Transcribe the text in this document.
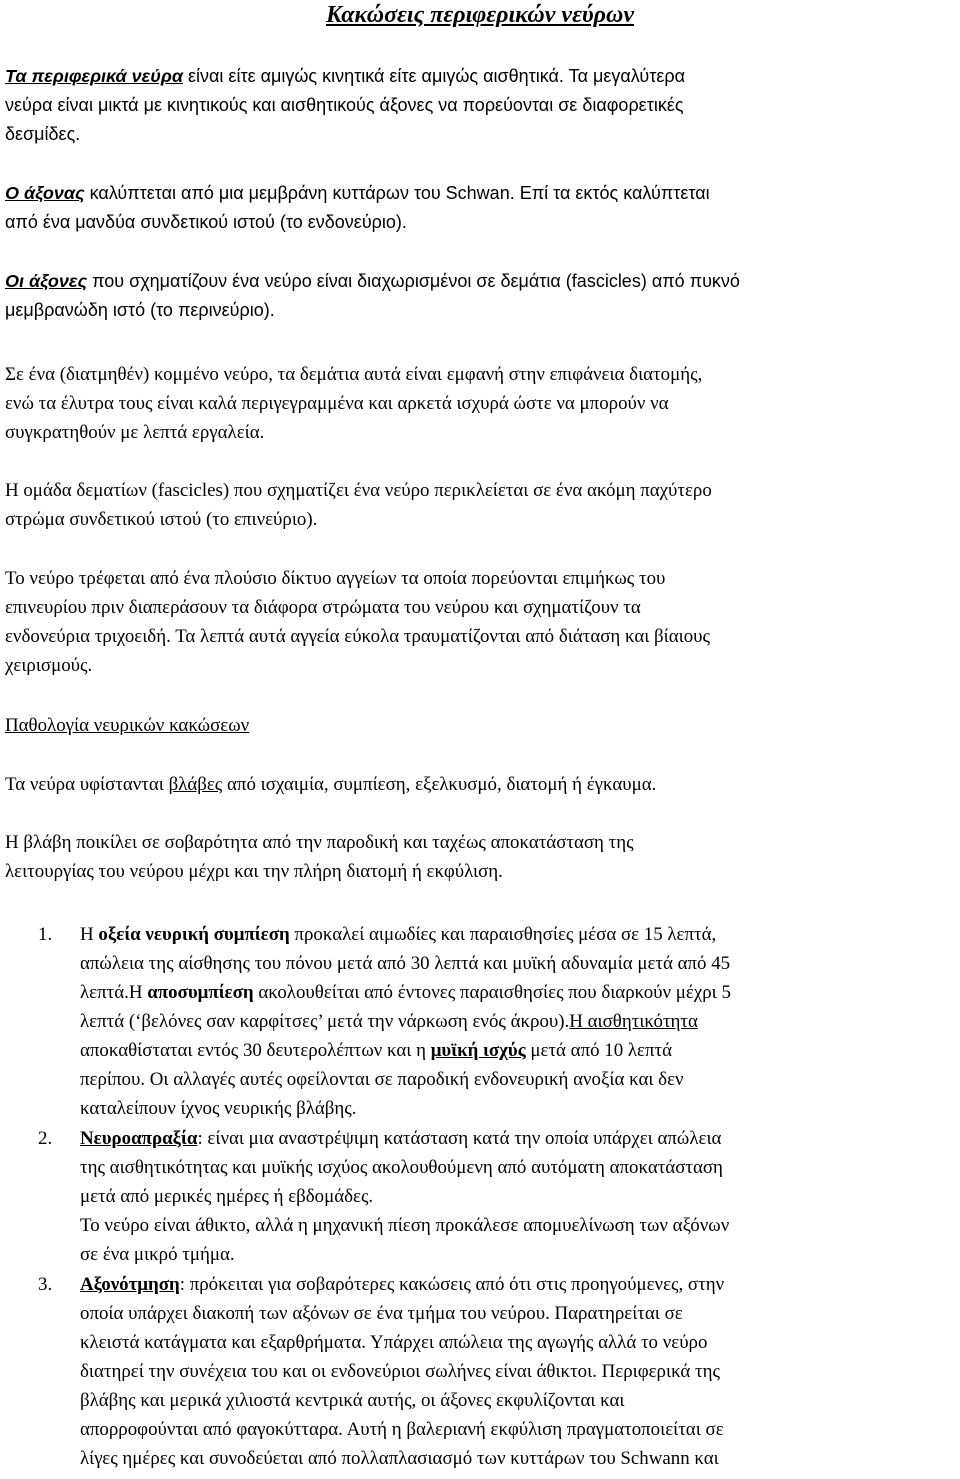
Κακώσεις περιφερικών νεύρων
Τα περιφερικά νεύρα είναι είτε αμιγώς κινητικά είτε αμιγώς αισθητικά. Τα μεγαλύτερα
νεύρα είναι μικτά με κινητικούς και αισθητικούς άξονες να πορεύονται σε διαφορετικές
δεσμίδες.
Ο άξονας καλύπτεται από μια μεμβράνη κυττάρων του Schwan. Επί τα εκτός καλύπτεται
από ένα μανδύα συνδετικού ιστού (το ενδονεύριο).
Οι άξονες που σχηματίζουν ένα νεύρο είναι διαχωρισμένοι σε δεμάτια (fascicles) από πυκνό
μεμβρανώδη ιστό (το περινεύριο).
Σε ένα (διατμηθέν) κομμένο νεύρο, τα δεμάτια αυτά είναι εμφανή στην επιφάνεια διατομής,
ενώ τα έλυτρα τους είναι καλά περιγεγραμμένα και αρκετά ισχυρά ώστε να μπορούν να
συγκρατηθούν με λεπτά εργαλεία.
Η ομάδα δεματίων (fascicles) που σχηματίζει ένα νεύρο περικλείεται σε ένα ακόμη παχύτερο
στρώμα συνδετικού ιστού (το επινεύριο).
Το νεύρο τρέφεται από ένα πλούσιο δίκτυο αγγείων τα οποία πορεύονται επιμήκως του
επινευρίου πριν διαπεράσουν τα διάφορα στρώματα του νεύρου και σχηματίζουν τα
ενδονεύρια τριχοειδή. Τα λεπτά αυτά αγγεία εύκολα τραυματίζονται από διάταση και βίαιους
χειρισμούς.
Παθολογία νευρικών κακώσεων
Τα νεύρα υφίστανται βλάβες από ισχαιμία, συμπίεση, εξελκυσμό, διατομή ή έγκαυμα.
Η βλάβη ποικίλει σε σοβαρότητα από την παροδική και ταχέως αποκατάσταση της
λειτουργίας του νεύρου μέχρι και την πλήρη διατομή ή εκφύλιση.
1. Η οξεία νευρική συμπίεση προκαλεί αιμωδίες και παραισθησίες μέσα σε 15 λεπτά,
απώλεια της αίσθησης του πόνου μετά από 30 λεπτά και μυϊκή αδυναμία μετά από 45
λεπτά.Η αποσυμπίεση ακολουθείται από έντονες παραισθησίες που διαρκούν μέχρι 5
λεπτά (‘βελόνες σαν καρφίτσες’ μετά την νάρκωση ενός άκρου).Η αισθητικότητα
αποκαθίσταται εντός 30 δευτερολέπτων και η μυϊκή ισχύς μετά από 10 λεπτά
περίπου. Οι αλλαγές αυτές οφείλονται σε παροδική ενδονευρική ανοξία και δεν
καταλείπουν ίχνος νευρικής βλάβης.
2. Νευροαπραξία: είναι μια αναστρέψιμη κατάσταση κατά την οποία υπάρχει απώλεια
της αισθητικότητας και μυϊκής ισχύος ακολουθούμενη από αυτόματη αποκατάσταση
μετά από μερικές ημέρες ή εβδομάδες.
Το νεύρο είναι άθικτο, αλλά η μηχανική πίεση προκάλεσε απομυελίνωση των αξόνων
σε ένα μικρό τμήμα.
3. Αξονότμηση: πρόκειται για σοβαρότερες κακώσεις από ότι στις προηγούμενες, στην
οποία υπάρχει διακοπή των αξόνων σε ένα τμήμα του νεύρου. Παρατηρείται σε
κλειστά κατάγματα και εξαρθρήματα. Υπάρχει απώλεια της αγωγής αλλά το νεύρο
διατηρεί την συνέχεια του και οι ενδονεύριοι σωλήνες είναι άθικτοι. Περιφερικά της
βλάβης και μερικά χιλιοστά κεντρικά αυτής, οι άξονες εκφυλίζονται και
απορροφούνται από φαγοκύτταρα. Αυτή η βαλεριανή εκφύλιση πραγματοποιείται σε
λίγες ημέρες και συνοδεύεται από πολλαπλασιασμό των κυττάρων του Schwann και
